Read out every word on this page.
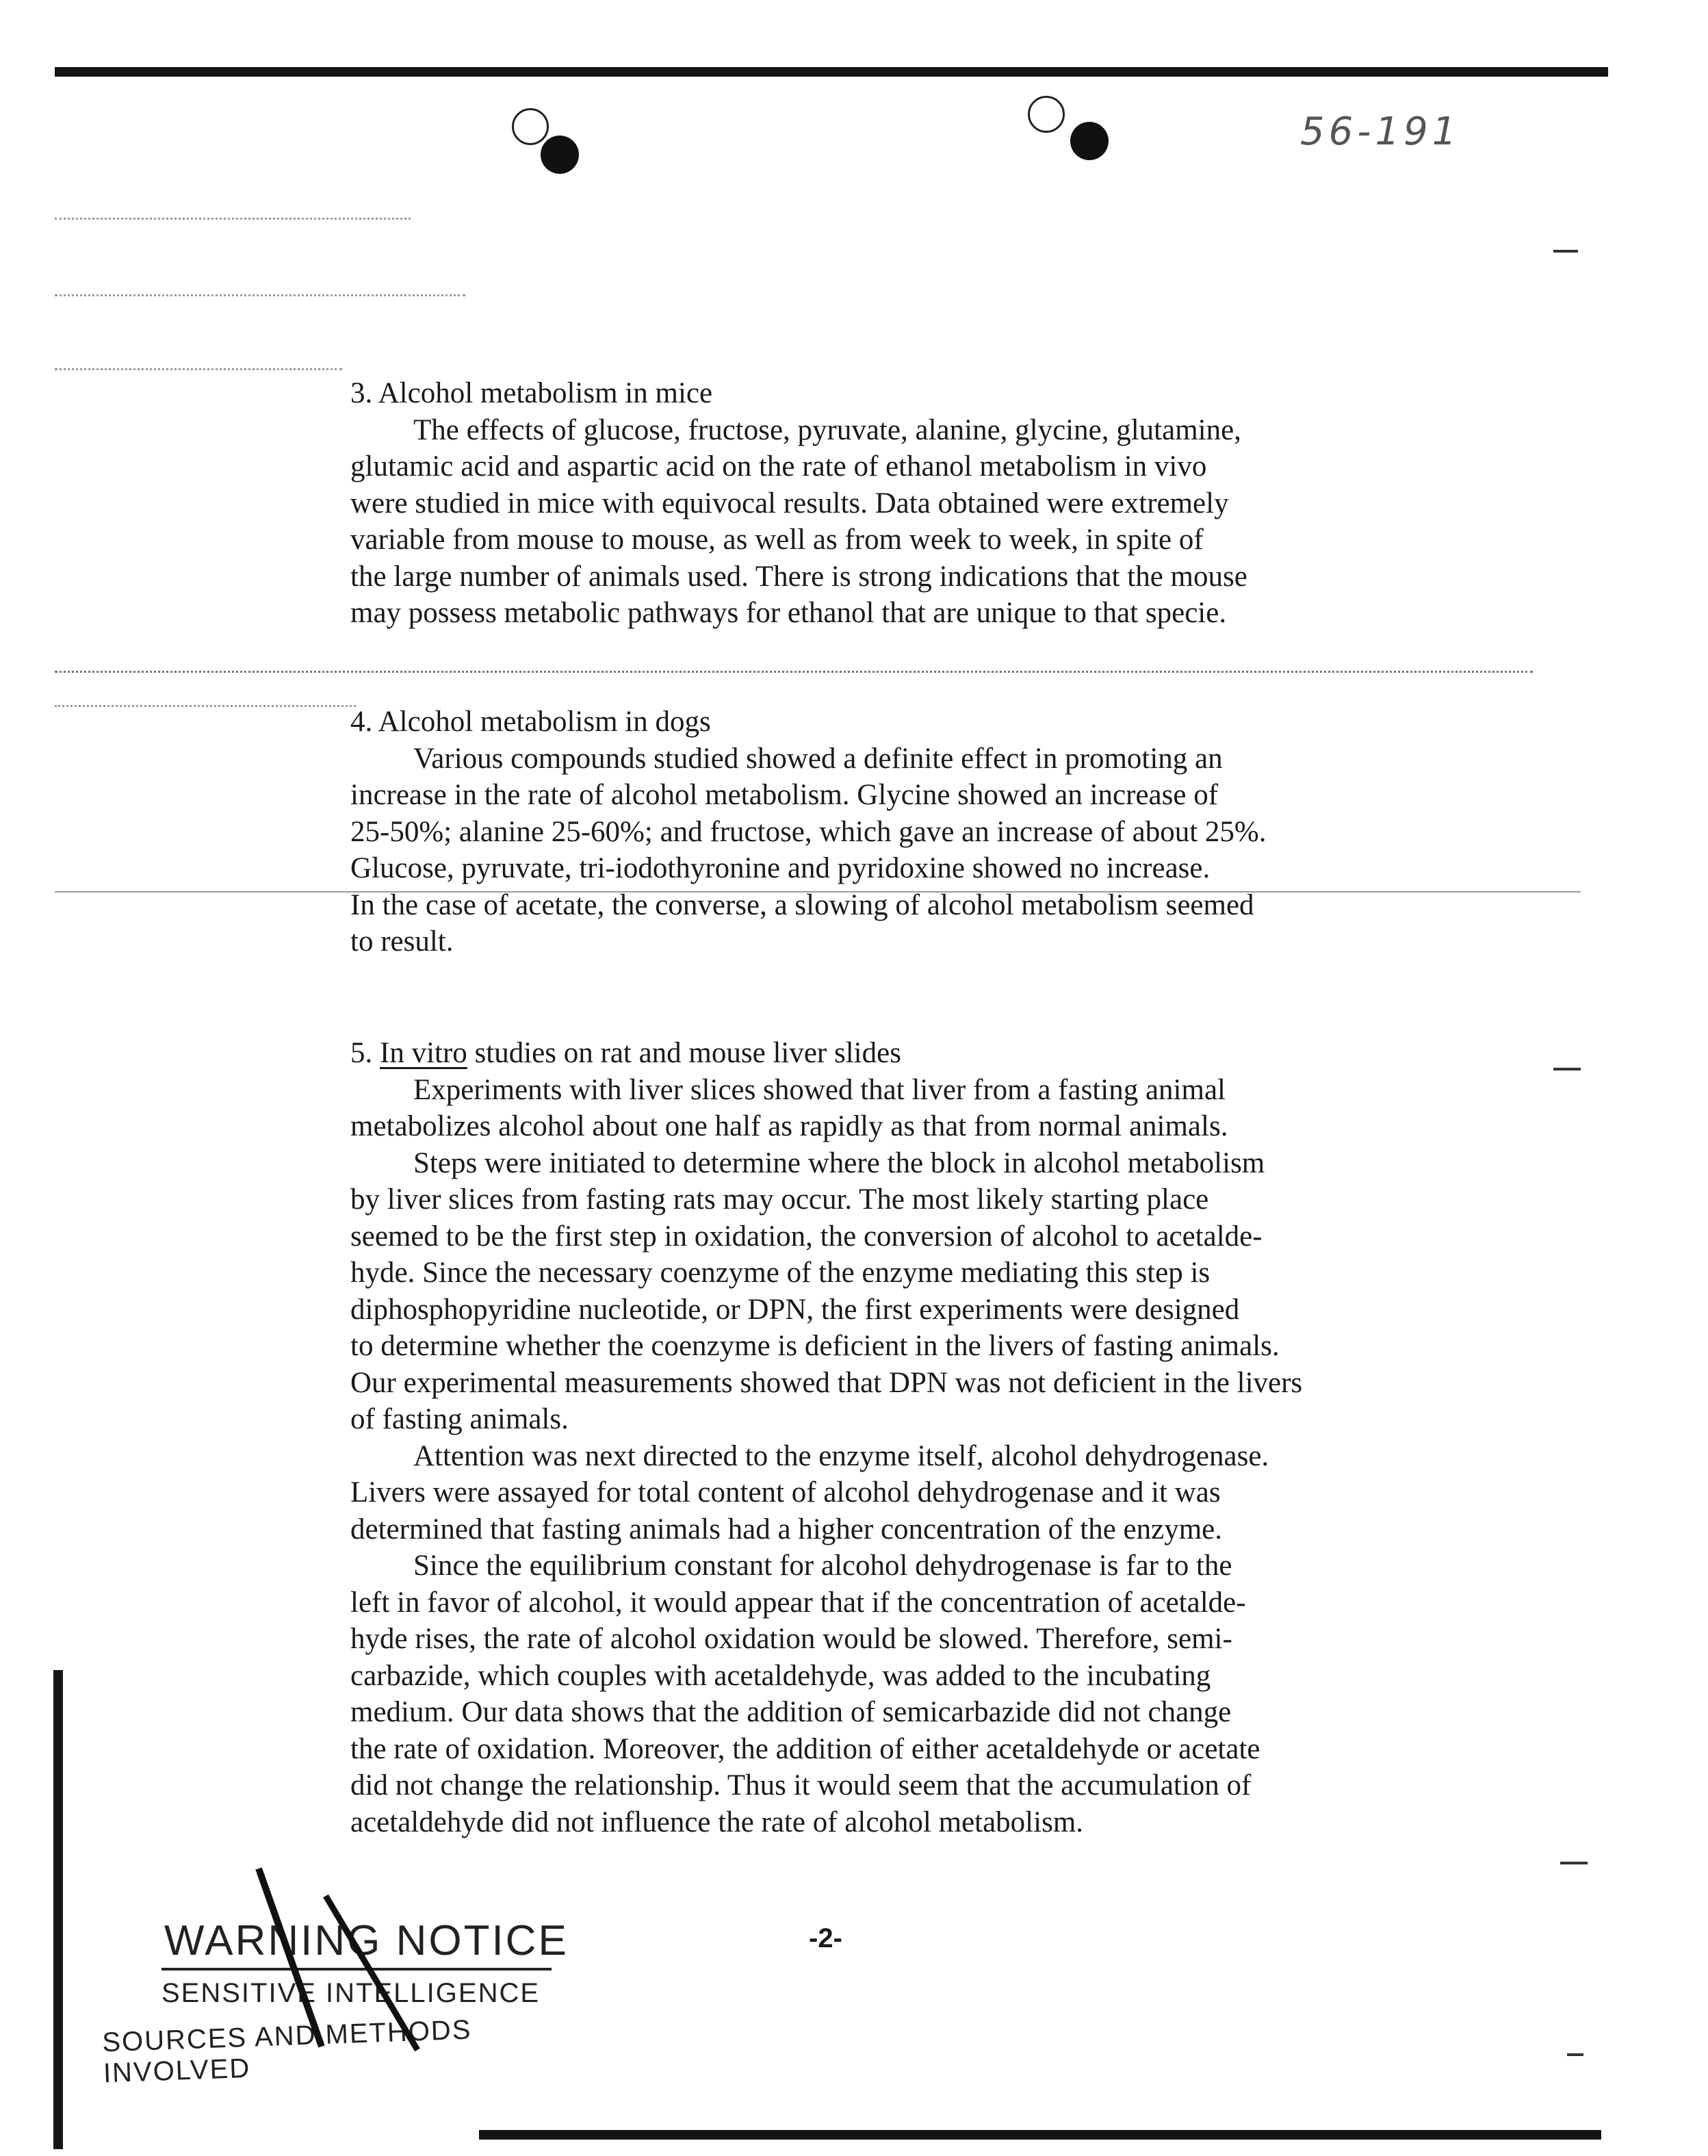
56-191
3. Alcohol metabolism in mice
The effects of glucose, fructose, pyruvate, alanine, glycine, glutamine,
glutamic acid and aspartic acid on the rate of ethanol metabolism in vivo
were studied in mice with equivocal results. Data obtained were extremely
variable from mouse to mouse, as well as from week to week, in spite of
the large number of animals used. There is strong indications that the mouse
may possess metabolic pathways for ethanol that are unique to that specie.
4. Alcohol metabolism in dogs
Various compounds studied showed a definite effect in promoting an
increase in the rate of alcohol metabolism. Glycine showed an increase of
25-50%; alanine 25-60%; and fructose, which gave an increase of about 25%.
Glucose, pyruvate, tri-iodothyronine and pyridoxine showed no increase.
In the case of acetate, the converse, a slowing of alcohol metabolism seemed
to result.
5. In vitro studies on rat and mouse liver slides
Experiments with liver slices showed that liver from a fasting animal
metabolizes alcohol about one half as rapidly as that from normal animals.
Steps were initiated to determine where the block in alcohol metabolism
by liver slices from fasting rats may occur. The most likely starting place
seemed to be the first step in oxidation, the conversion of alcohol to acetalde-
hyde. Since the necessary coenzyme of the enzyme mediating this step is
diphosphopyridine nucleotide, or DPN, the first experiments were designed
to determine whether the coenzyme is deficient in the livers of fasting animals.
Our experimental measurements showed that DPN was not deficient in the livers
of fasting animals.
Attention was next directed to the enzyme itself, alcohol dehydrogenase.
Livers were assayed for total content of alcohol dehydrogenase and it was
determined that fasting animals had a higher concentration of the enzyme.
Since the equilibrium constant for alcohol dehydrogenase is far to the
left in favor of alcohol, it would appear that if the concentration of acetalde-
hyde rises, the rate of alcohol oxidation would be slowed. Therefore, semi-
carbazide, which couples with acetaldehyde, was added to the incubating
medium. Our data shows that the addition of semicarbazide did not change
the rate of oxidation. Moreover, the addition of either acetaldehyde or acetate
did not change the relationship. Thus it would seem that the accumulation of
acetaldehyde did not influence the rate of alcohol metabolism.
-2-
WARNING NOTICE
SENSITIVE INTELLIGENCE
SOURCES AND METHODS INVOLVED
